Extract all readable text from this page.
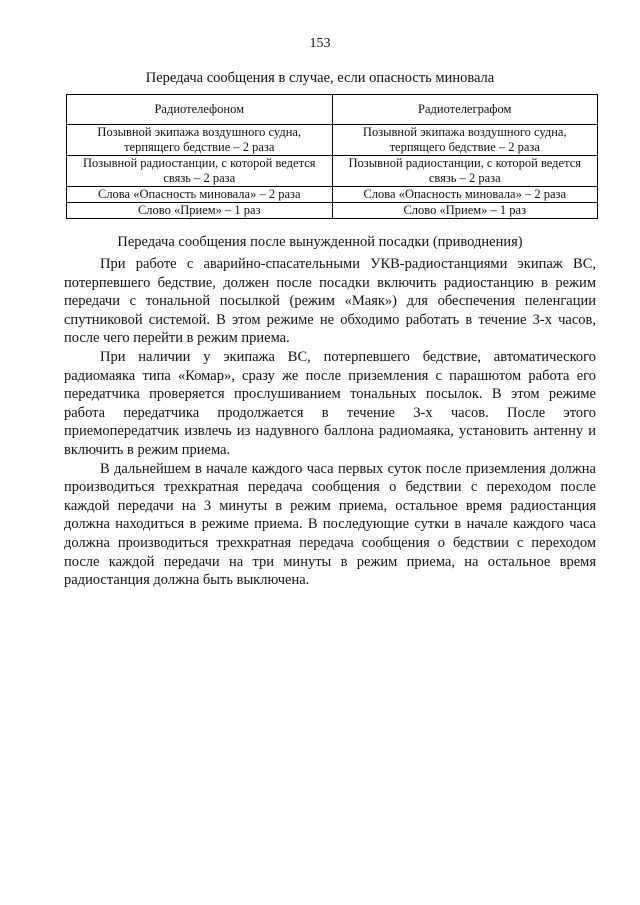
153
Передача сообщения в случае, если опасность миновала
Радиотелефоном	Радиотелеграфом
Позывной экипажа воздушного судна, терпящего бедствие – 2 раза	Позывной экипажа воздушного судна, терпящего бедствие – 2 раза
Позывной радиостанции, с которой ведется связь – 2 раза	Позывной радиостанции, с которой ведется связь – 2 раза
Слова «Опасность миновала» – 2 раза	Слова «Опасность миновала» – 2 раза
Слово «Прием» – 1 раз	Слово «Прием» – 1 раз
Передача сообщения после вынужденной посадки (приводнения)

При работе с аварийно-спасательными УКВ-радиостанциями экипаж ВС, потерпевшего бедствие, должен после посадки включить радиостанцию в режим передачи с тональной посылкой (режим «Маяк») для обеспечения пеленгации спутниковой системой. В этом режиме не обходимо работать в течение 3-х часов, после чего перейти в режим приема.

При наличии у экипажа ВС, потерпевшего бедствие, автоматического радиомаяка типа «Комар», сразу же после приземления с парашютом работа его передатчика проверяется прослушиванием тональных посылок. В этом режиме работа передатчика продолжается в течение 3-х часов. После этого приемопередатчик извлечь из надувного баллона радиомаяка, установить антенну и включить в режим приема.

В дальнейшем в начале каждого часа первых суток после приземления должна производиться трехкратная передача сообщения о бедствии с переходом после каждой передачи на 3 минуты в режим приема, остальное время радиостанция должна находиться в режиме приема. В последующие сутки в начале каждого часа должна производиться трехкратная передача сообщения о бедствии с переходом после каждой передачи на три минуты в режим приема, на остальное время радиостанция должна быть выключена.
